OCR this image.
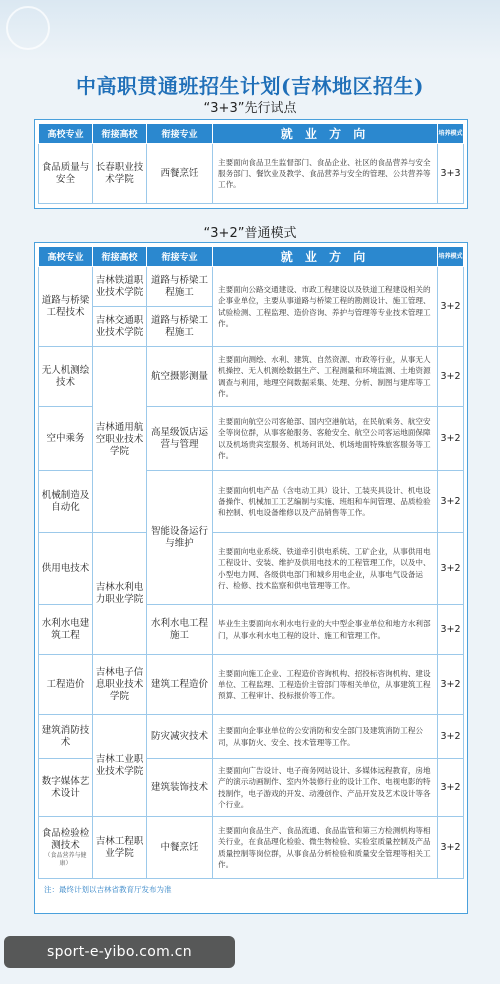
中高职贯通班招生计划(吉林地区招生)
“3+3”先行试点
高校专业	衔接高校	衔接专业	就 业 方 向	培养模式
食品质量与安全	长春职业技术学院	西餐烹饪	主要面向食品卫生监督部门、食品企业、社区的食品营养与安全服务部门、餐饮业及教学、食品营养与安全的管理、公共营养等工作。	3+3
“3+2”普通模式
高校专业	衔接高校	衔接专业	就 业 方 向	培养模式
道路与桥梁工程技术	吉林铁道职业技术学院	道路与桥梁工程施工	主要面向公路交通建设、市政工程建设以及铁道工程建设相关的企事业单位，主要从事道路与桥梁工程的勘测设计、施工管理、试验检测、工程监理、造价咨询、养护与管理等专业技术管理工作。	3+2
	吉林交通职业技术学院	道路与桥梁工程施工		
无人机测绘技术	吉林通用航空职业技术学院	航空摄影测量	主要面向测绘、水利、建筑、自然资源、市政等行业，从事无人机操控、无人机测绘数据生产、工程测量和环境监测、土地资源调查与利用，地理空间数据采集、处理、分析、制图与建库等工作。	3+2
空中乘务		高星级饭店运营与管理	主要面向航空公司客舱部、国内空港航站，在民航乘务、航空安全等岗位群，从事客舱服务、客舱安全、航空公司客运地面保障以及机场贵宾室服务、机场问讯处、机场地面特殊旅客服务等工作。	3+2
机械制造及自动化		智能设备运行与维护	主要面向机电产品（含电动工具）设计、工装夹具设计、机电设备操作、机械加工工艺编制与实施、班组和车间管理、品质检验和控制、机电设备维修以及产品销售等工作。	3+2
供用电技术	吉林水利电力职业学院		主要面向电业系统、铁道牵引供电系统、工矿企业，从事供用电工程设计、安装、维护及供用电技术的工程管理工作，以及中、小型电力网、各级供电部门和城乡用电企业，从事电气设备运行、检修、技术监察和供电管理等工作。	3+2
水利水电建筑工程		水利水电工程施工	毕业生主要面向水利水电行业的大中型企事业单位和地方水利部门，从事水利水电工程的设计、施工和管理工作。	3+2
工程造价	吉林电子信息职业技术学院	建筑工程造价	主要面向施工企业、工程造价咨询机构、招投标咨询机构、建设单位、工程监理、工程造价主管部门等相关单位，从事建筑工程预算、工程审计、投标报价等工作。	3+2
建筑消防技术	吉林工业职业技术学院	防灾减灾技术	主要面向企事业单位的公安消防和安全部门及建筑消防工程公司，从事防火、安全、技术管理等工作。	3+2
数字媒体艺术设计		建筑装饰技术	主要面向广告设计、电子商务网站设计、多媒体远程教育，房地产的演示动画制作、室内外装修行业的设计工作、电视电影的特技制作，电子游戏的开发、动漫创作、产品开发及艺术设计等各个行业。	3+2
食品检验检测技术
（食品营养与健康）	吉林工程职业学院	中餐烹饪	主要面向食品生产、食品流通、食品监管和第三方检测机构等相关行业，在食品理化检验、微生物检验、实验室质量控制及产品质量控制等岗位群，从事食品分析检验和质量安全管理等相关工作。	3+2
注：最终计划以吉林省教育厅发布为准
sport-e-yibo.com.cn
